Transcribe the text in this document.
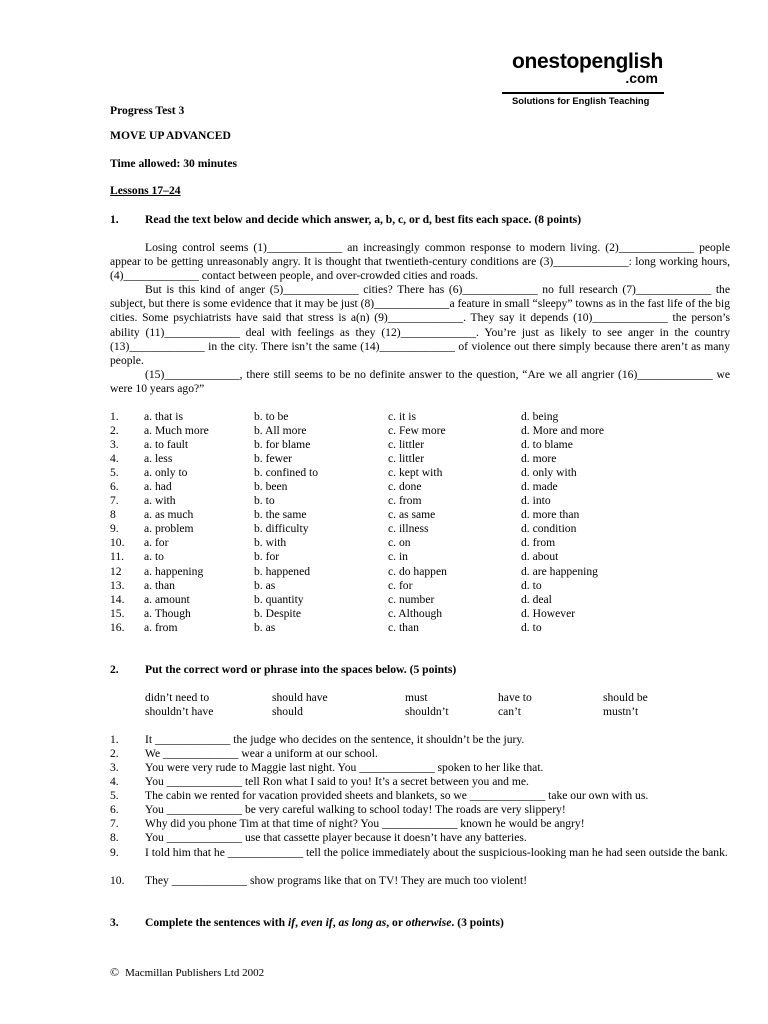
onestopenglish
.com
Solutions for English Teaching
Progress Test 3
MOVE UP ADVANCED
Time allowed: 30 minutes
Lessons 17–24
1. Read the text below and decide which answer, a, b, c, or d, best fits each space. (8 points)

Losing control seems (1)_____________ an increasingly common response to modern living. (2)_____________ people appear to be getting unreasonably angry. It is thought that twentieth-century conditions are (3)_____________: long working hours, (4)_____________ contact between people, and over-crowded cities and roads.

But is this kind of anger (5)_____________ cities? There has (6)_____________ no full research (7)_____________ the subject, but there is some evidence that it may be just (8)_____________a feature in small “sleepy” towns as in the fast life of the big cities. Some psychiatrists have said that stress is a(n) (9)_____________. They say it depends (10)_____________ the person’s ability (11)_____________ deal with feelings as they (12)_____________. You’re just as likely to see anger in the country (13)_____________ in the city. There isn’t the same (14)_____________ of violence out there simply because there aren’t as many people.

(15)_____________, there still seems to be no definite answer to the question, “Are we all angrier (16)_____________ we were 10 years ago?”

1. a. that is	b. to be	c. it is	d. being
2. a. Much more	b. All more	c. Few more	d. More and more
3. a. to fault	b. for blame	c. littler	d. to blame
4. a. less	b. fewer	c. littler	d. more
5. a. only to	b. confined to	c. kept with	d. only with
6. a. had	b. been	c. done	d. made
7. a. with	b. to	c. from	d. into
8 a. as much	b. the same	c. as same	d. more than
9. a. problem	b. difficulty	c. illness	d. condition
10. a. for	b. with	c. on	d. from
11. a. to	b. for	c. in	d. about
12 a. happening	b. happened	c. do happen	d. are happening
13. a. than	b. as	c. for	d. to
14. a. amount	b. quantity	c. number	d. deal
15. a. Though	b. Despite	c. Although	d. However
16. a. from	b. as	c. than	d. to
2. Put the correct word or phrase into the spaces below. (5 points)
didn’t need to	should have	must	have to	should be
shouldn’t have	should	shouldn’t	can’t	mustn’t
1. It _____________ the judge who decides on the sentence, it shouldn’t be the jury.
2. We _____________ wear a uniform at our school.
3. You were very rude to Maggie last night. You _____________ spoken to her like that.
4. You _____________ tell Ron what I said to you! It’s a secret between you and me.
5. The cabin we rented for vacation provided sheets and blankets, so we _____________ take our own with us.
6. You _____________ be very careful walking to school today! The roads are very slippery!
7. Why did you phone Tim at that time of night? You _____________ known he would be angry!
8. You _____________ use that cassette player because it doesn’t have any batteries.
9. I told him that he _____________ tell the police immediately about the suspicious-looking man he had seen outside the bank.
10. They _____________ show programs like that on TV! They are much too violent!
3. Complete the sentences with if, even if, as long as, or otherwise. (3 points)
© Macmillan Publishers Ltd 2002
